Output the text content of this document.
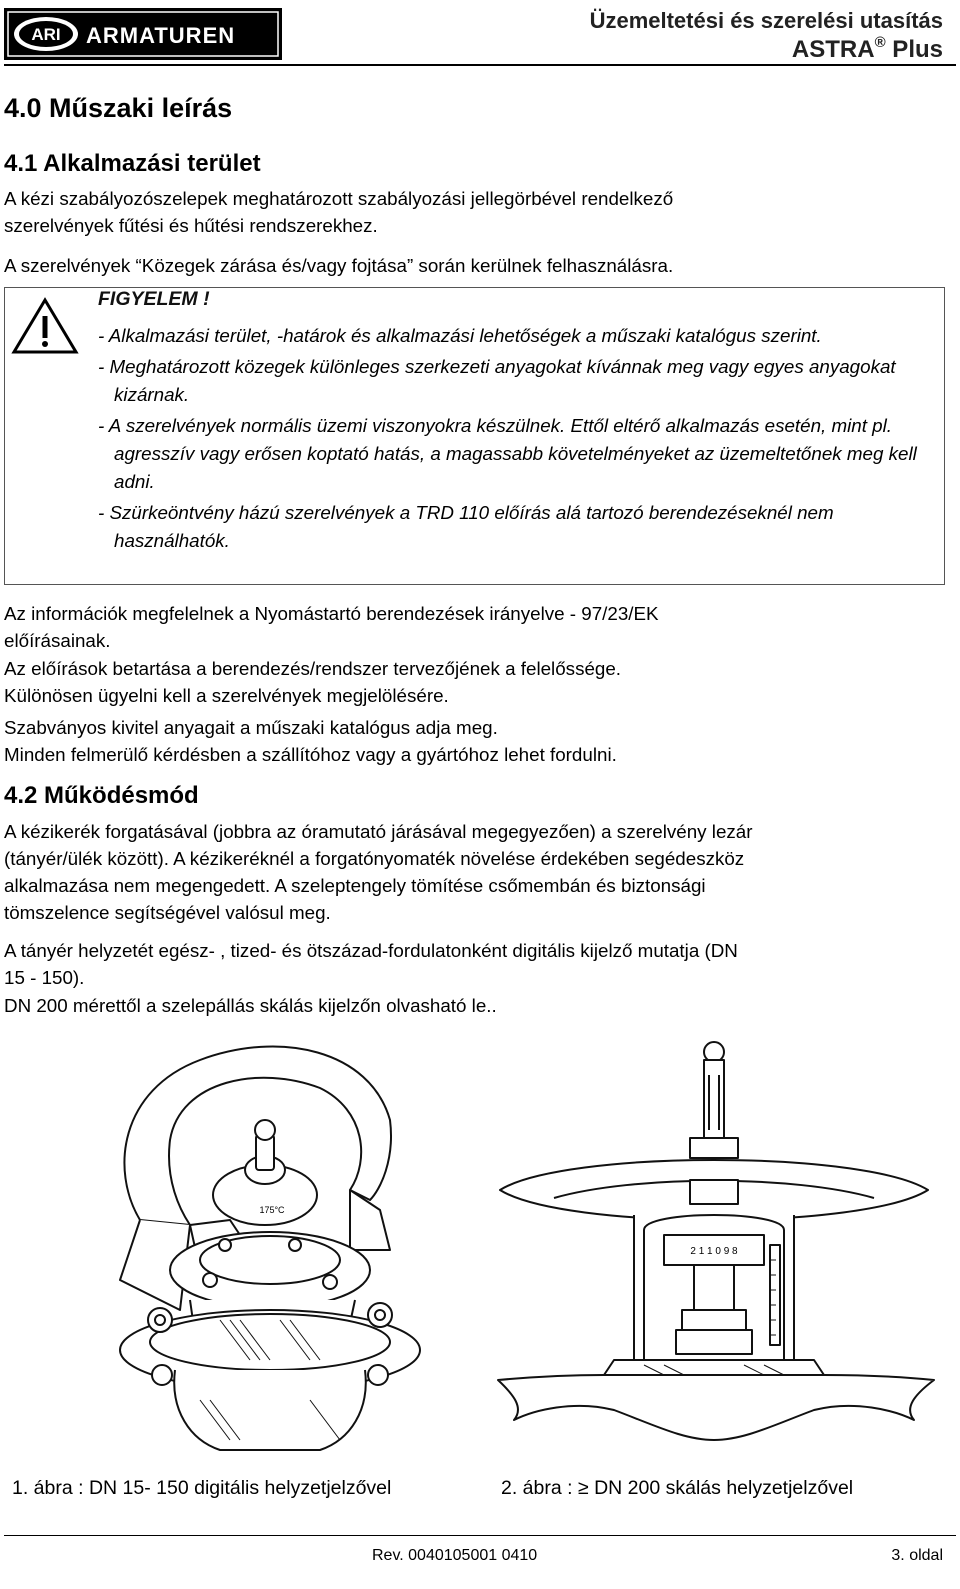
ARI ARMATUREN
Üzemeltetési és szerelési utasítás
ASTRA® Plus
4.0 Műszaki leírás
4.1 Alkalmazási terület

A kézi szabályozószelepek meghatározott szabályozási jellegörbével rendelkező

szerelvények fűtési és hűtési rendszerekhez.

A szerelvények “Közegek zárása és/vagy fojtása” során kerülnek felhasználásra.

FIGYELEM !
- Alkalmazási terület, -határok és alkalmazási lehetőségek a műszaki katalógus szerint.
- Meghatározott közegek különleges szerkezeti anyagokat kívánnak meg vagy egyes anyagokat kizárnak.
- A szerelvények normális üzemi viszonyokra készülnek. Ettől eltérő alkalmazás esetén, mint pl. agresszív vagy erősen koptató hatás, a magassabb követelményeket az üzemeltetőnek meg kell adni.
- Szürkeöntvény házú szerelvények a TRD 110 előírás alá tartozó berendezéseknél nem használhatók.

Az információk megfelelnek a Nyomástartó berendezések irányelve - 97/23/EK

előírásainak.

Az előírások betartása a berendezés/rendszer tervezőjének a felelőssége.

Különösen ügyelni kell a szerelvények megjelölésére.

Szabványos kivitel anyagait a műszaki katalógus adja meg.

Minden felmerülő kérdésben a szállítóhoz vagy a gyártóhoz lehet fordulni.

4.2 Működésmód

A kézikerék forgatásával (jobbra az óramutató járásával megegyezően) a szerelvény lezár

(tányér/ülék között). A kézikeréknél a forgatónyomaték növelése érdekében segédeszköz

alkalmazása nem megengedett. A szeleptengely tömítése csőmembán és biztonsági

tömszelence segítségével valósul meg.

A tányér helyzetét egész- , tized- és ötszázad-fordulatonként digitális kijelző mutatja (DN

15 - 150).

DN 200 mérettől a szelepállás skálás kijelzőn olvasható le..

175°C
1. ábra : DN 15- 150 digitális helyzetjelzővel
2 1 1 0 9 8
2. ábra : ≥ DN 200 skálás helyzetjelzővel
Rev. 0040105001 0410	3. oldal
